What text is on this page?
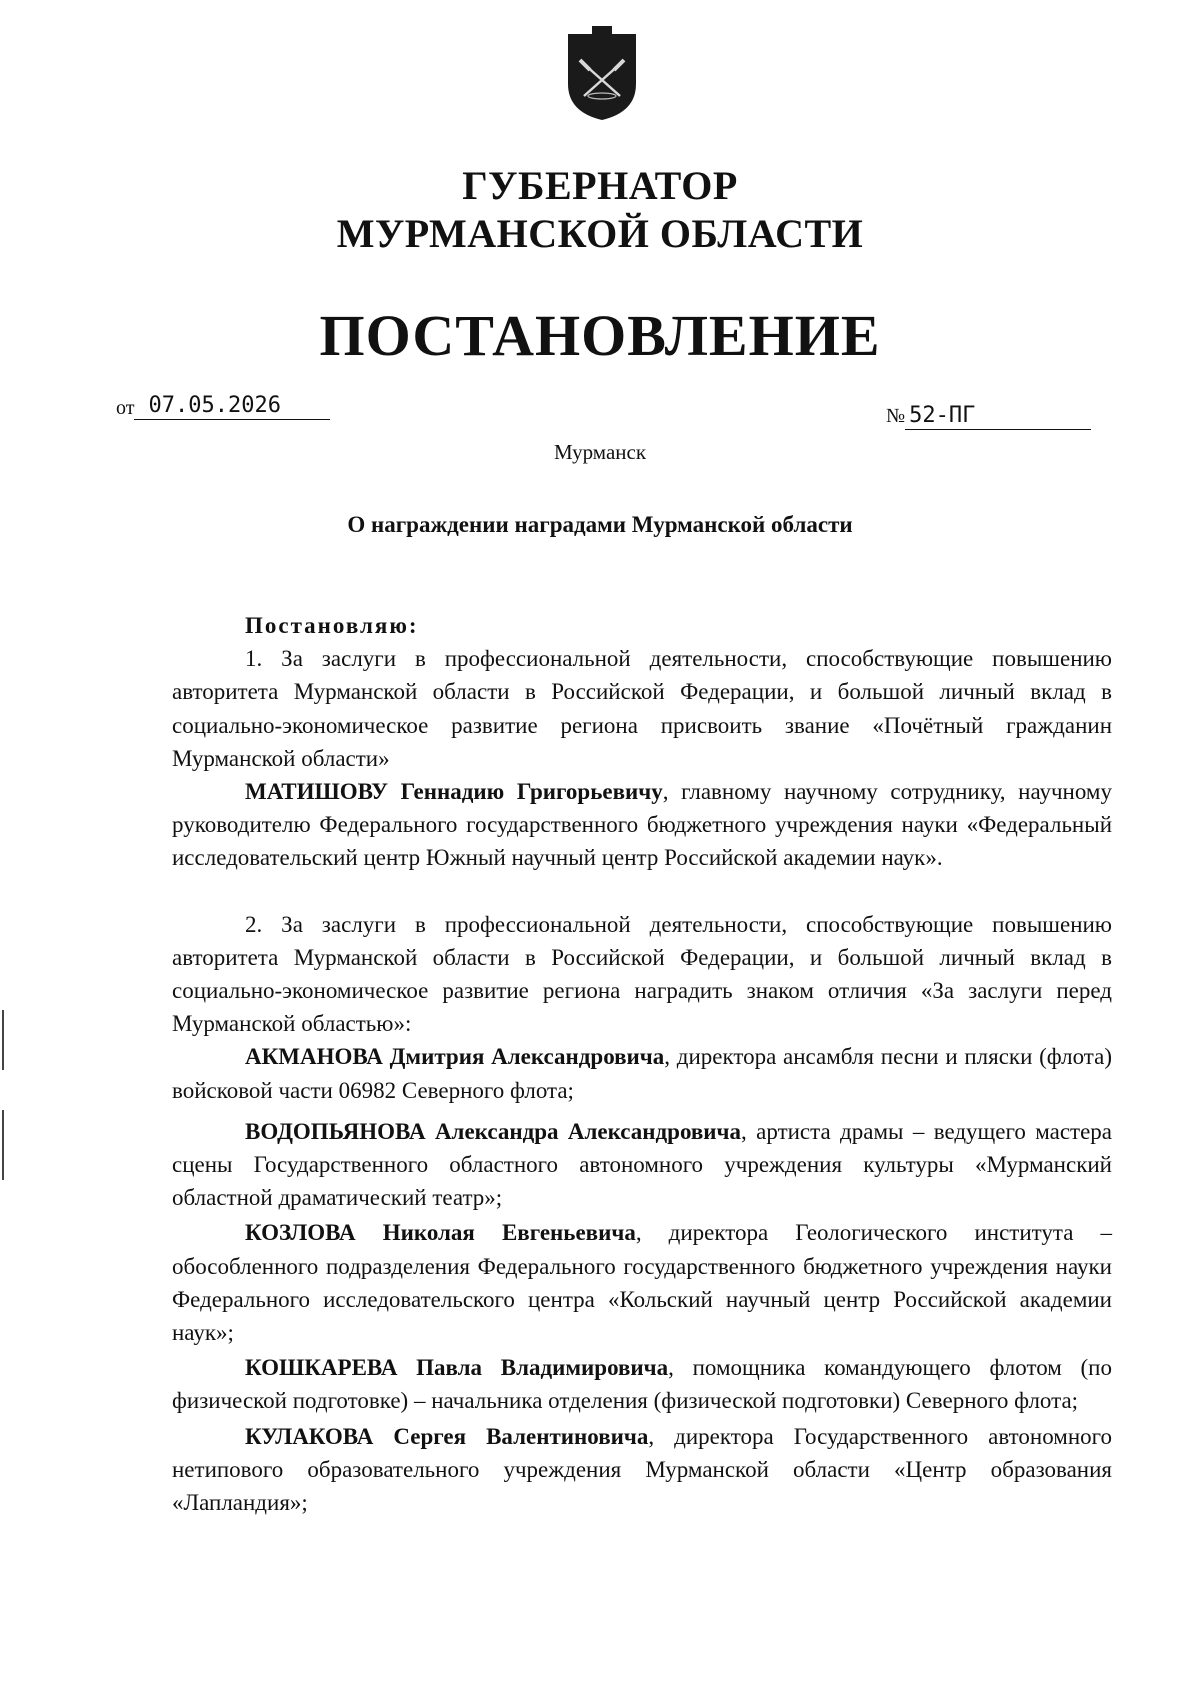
ГУБЕРНАТОР
МУРМАНСКОЙ ОБЛАСТИ
ПОСТАНОВЛЕНИЕ
от 07.05.2026	№ 52-ПГ
Мурманск
О награждении наградами Мурманской области
Постановляю:

1. За заслуги в профессиональной деятельности, способствующие повышению авторитета Мурманской области в Российской Федерации, и большой личный вклад в социально-экономическое развитие региона присвоить звание «Почётный гражданин Мурманской области»

МАТИШОВУ Геннадию Григорьевичу, главному научному сотруднику, научному руководителю Федерального государственного бюджетного учреждения науки «Федеральный исследовательский центр Южный научный центр Российской академии наук».

2. За заслуги в профессиональной деятельности, способствующие повышению авторитета Мурманской области в Российской Федерации, и большой личный вклад в социально-экономическое развитие региона наградить знаком отличия «За заслуги перед Мурманской областью»:

АКМАНОВА Дмитрия Александровича, директора ансамбля песни и пляски (флота) войсковой части 06982 Северного флота;

ВОДОПЬЯНОВА Александра Александровича, артиста драмы – ведущего мастера сцены Государственного областного автономного учреждения культуры «Мурманский областной драматический театр»;

КОЗЛОВА Николая Евгеньевича, директора Геологического института – обособленного подразделения Федерального государственного бюджетного учреждения науки Федерального исследовательского центра «Кольский научный центр Российской академии наук»;

КОШКАРЕВА Павла Владимировича, помощника командующего флотом (по физической подготовке) – начальника отделения (физической подготовки) Северного флота;

КУЛАКОВА Сергея Валентиновича, директора Государственного автономного нетипового образовательного учреждения Мурманской области «Центр образования «Лапландия»;
